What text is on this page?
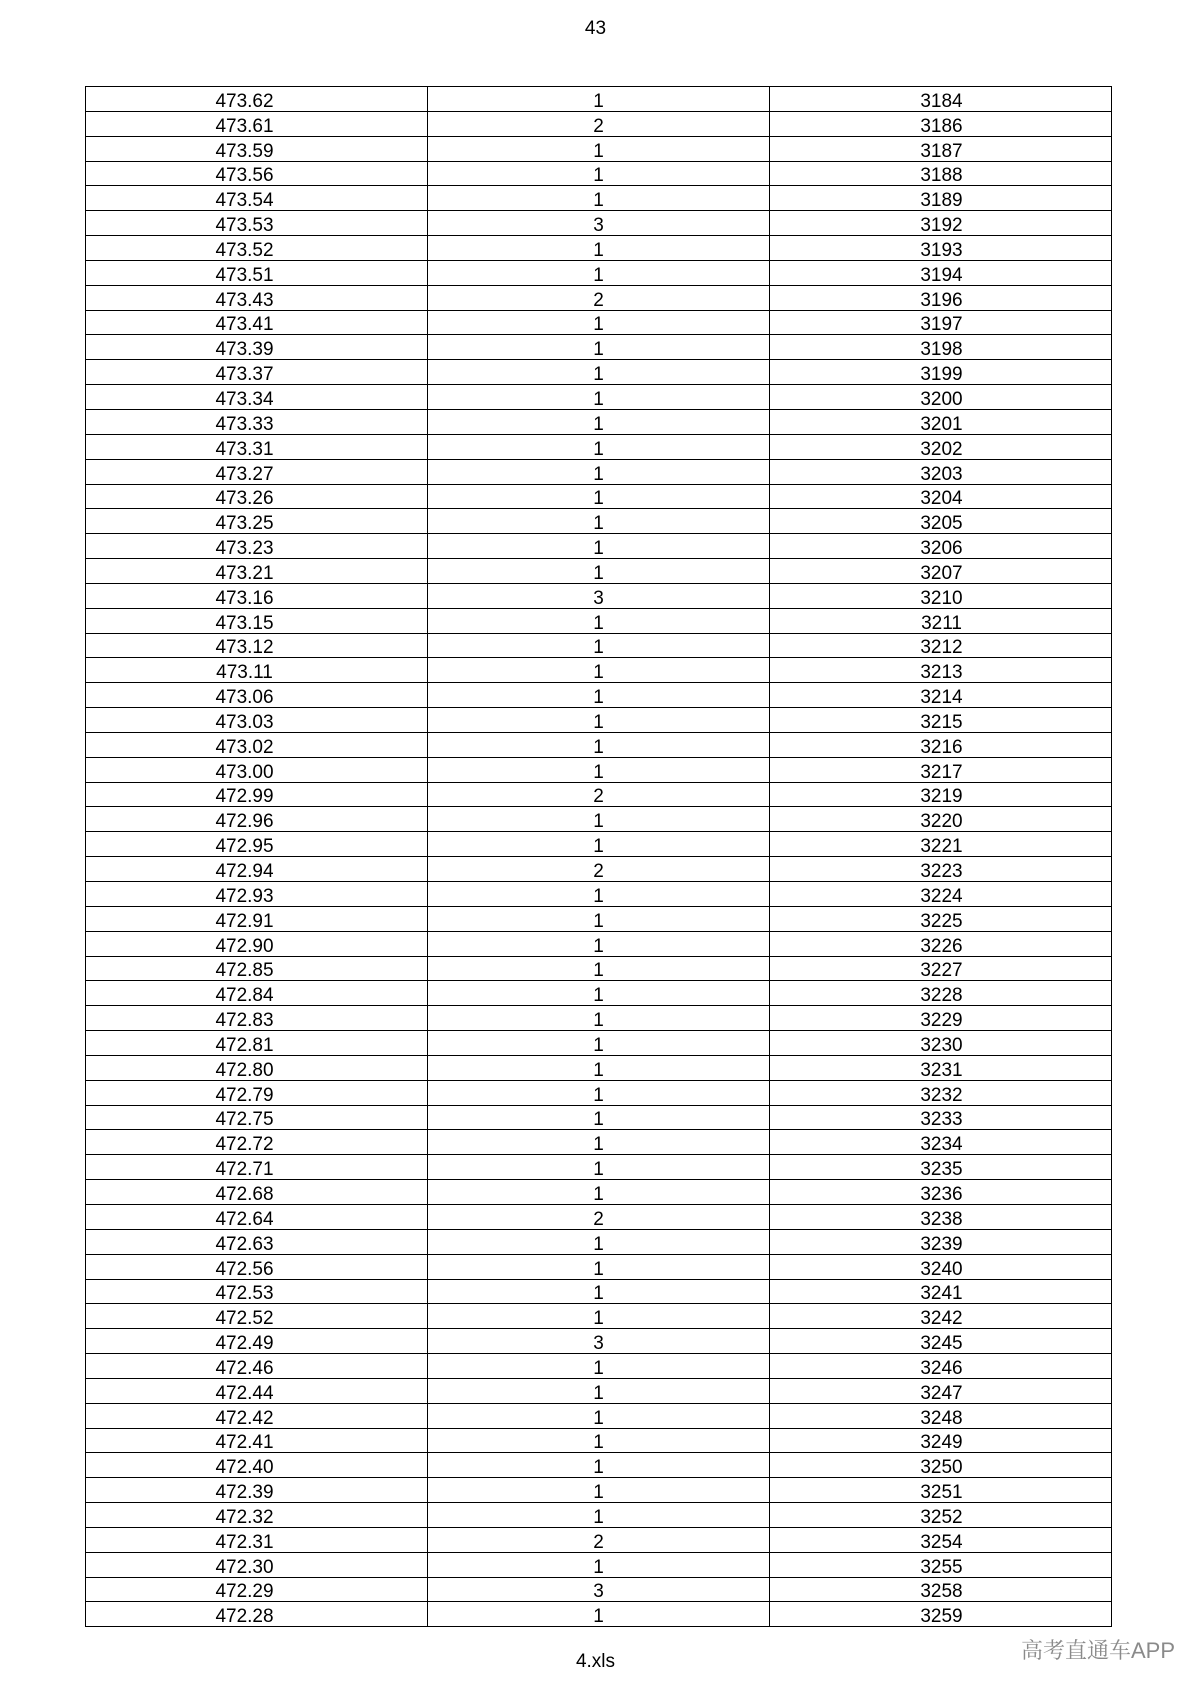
43
473.62	1	3184
473.61	2	3186
473.59	1	3187
473.56	1	3188
473.54	1	3189
473.53	3	3192
473.52	1	3193
473.51	1	3194
473.43	2	3196
473.41	1	3197
473.39	1	3198
473.37	1	3199
473.34	1	3200
473.33	1	3201
473.31	1	3202
473.27	1	3203
473.26	1	3204
473.25	1	3205
473.23	1	3206
473.21	1	3207
473.16	3	3210
473.15	1	3211
473.12	1	3212
473.11	1	3213
473.06	1	3214
473.03	1	3215
473.02	1	3216
473.00	1	3217
472.99	2	3219
472.96	1	3220
472.95	1	3221
472.94	2	3223
472.93	1	3224
472.91	1	3225
472.90	1	3226
472.85	1	3227
472.84	1	3228
472.83	1	3229
472.81	1	3230
472.80	1	3231
472.79	1	3232
472.75	1	3233
472.72	1	3234
472.71	1	3235
472.68	1	3236
472.64	2	3238
472.63	1	3239
472.56	1	3240
472.53	1	3241
472.52	1	3242
472.49	3	3245
472.46	1	3246
472.44	1	3247
472.42	1	3248
472.41	1	3249
472.40	1	3250
472.39	1	3251
472.32	1	3252
472.31	2	3254
472.30	1	3255
472.29	3	3258
472.28	1	3259
4.xls	高考直通车APP
